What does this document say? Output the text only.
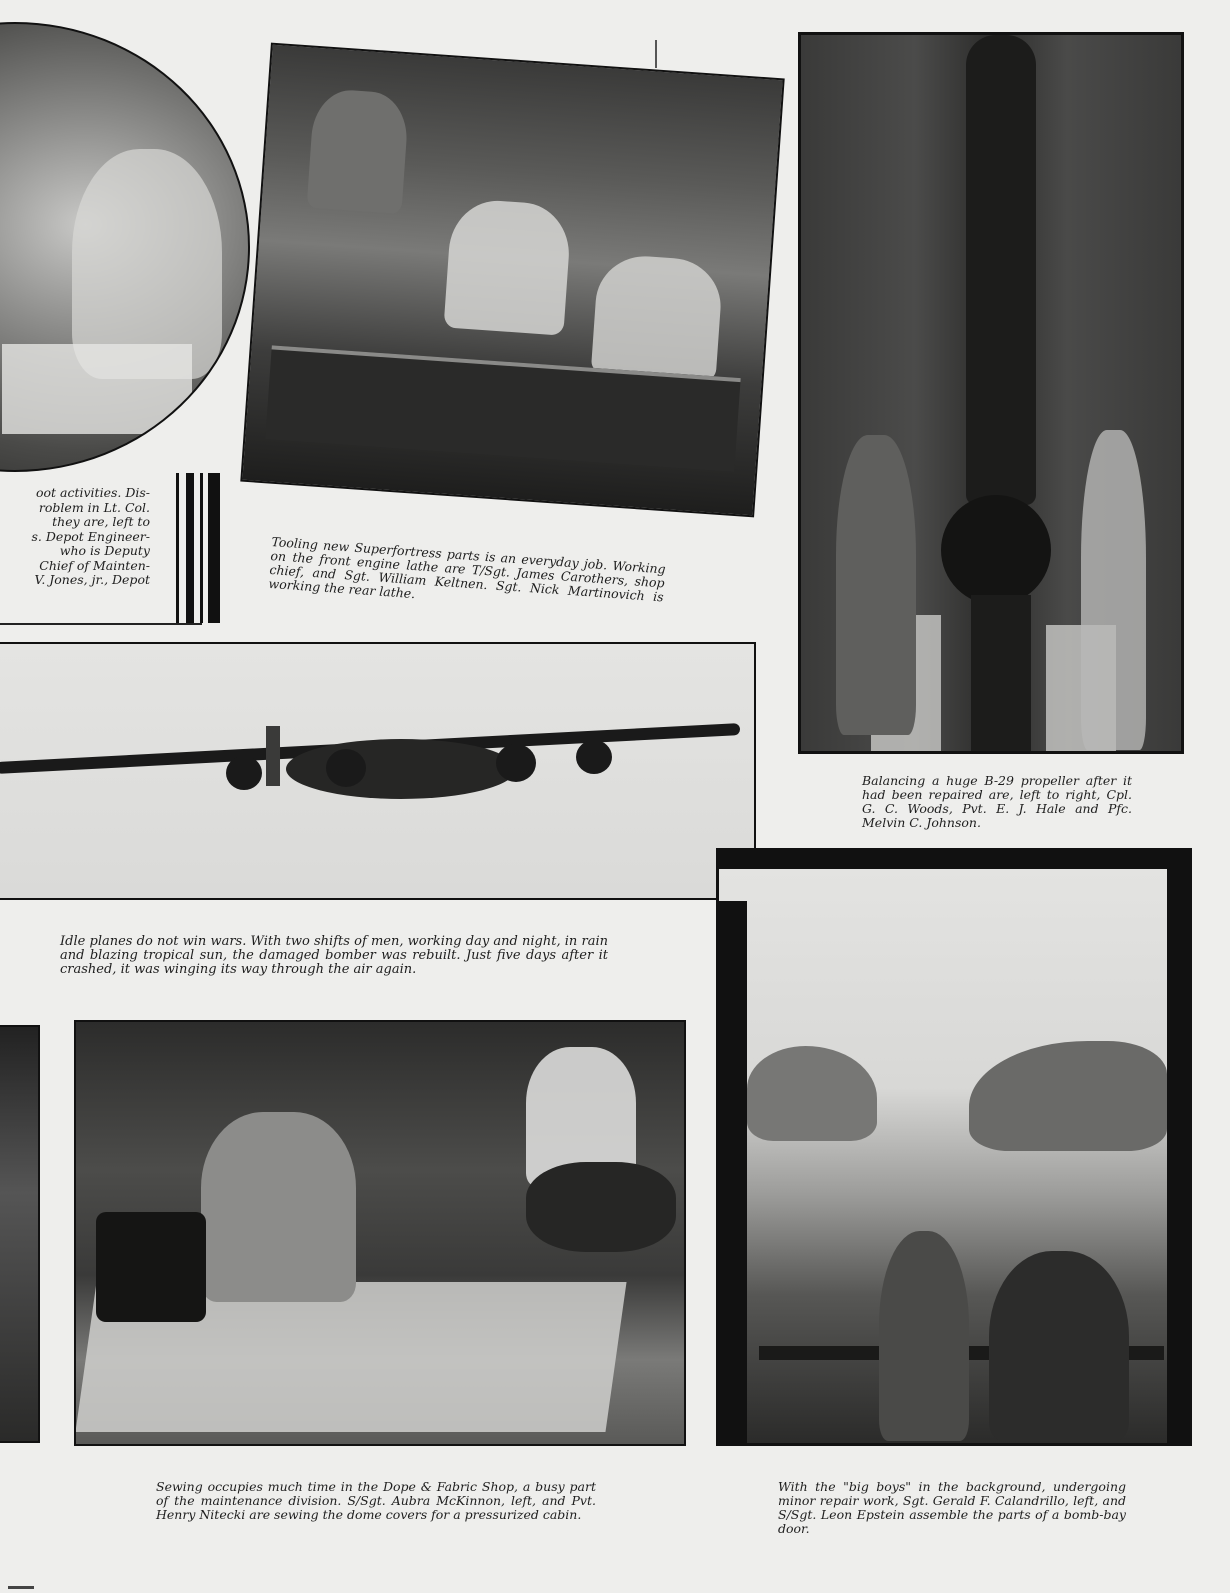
oot activities. Dis-
roblem in Lt. Col.
they are, left to
s. Depot Engineer-
who is Deputy
Chief of Mainten-
V. Jones, jr., Depot

Tooling new Superfortress parts is an everyday job. Working on the front engine lathe are T/Sgt. James Carothers, shop chief, and Sgt. William Keltnen. Sgt. Nick Martinovich is working the rear lathe.

Balancing a huge B-29 propeller after it had been repaired are, left to right, Cpl. G. C. Woods, Pvt. E. J. Hale and Pfc. Melvin C. Johnson.

Idle planes do not win wars. With two shifts of men, working day and night, in rain and blazing tropical sun, the damaged bomber was rebuilt. Just five days after it crashed, it was winging its way through the air again.

Sewing occupies much time in the Dope & Fabric Shop, a busy part of the maintenance division. S/Sgt. Aubra McKinnon, left, and Pvt. Henry Nitecki are sewing the dome covers for a pressurized cabin.

With the "big boys" in the background, undergoing minor repair work, Sgt. Gerald F. Calandrillo, left, and S/Sgt. Leon Epstein assemble the parts of a bomb-bay door.
